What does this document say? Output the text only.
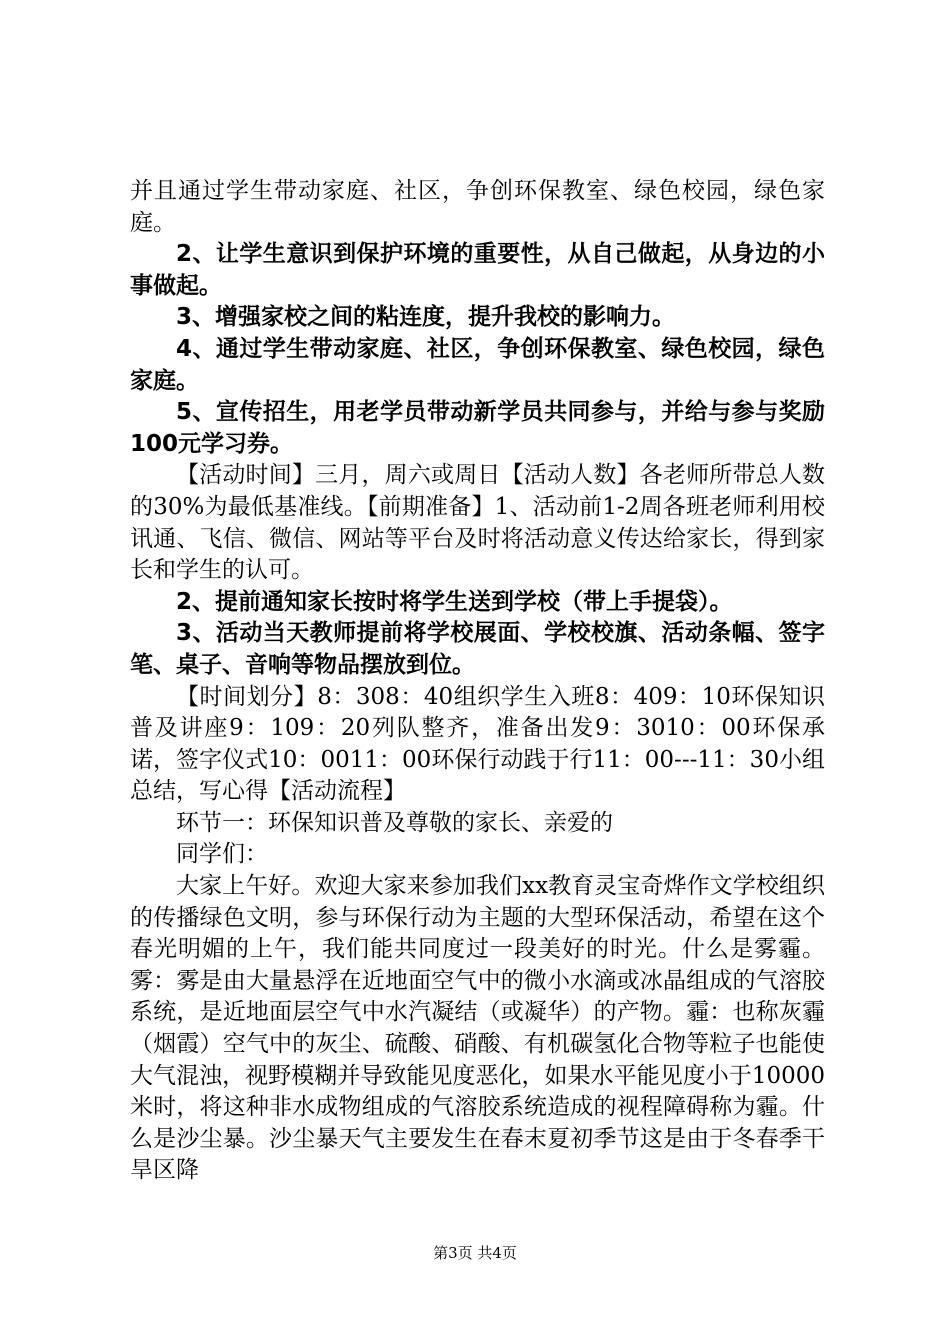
并且通过学生带动家庭、社区，争创环保教室、绿色校园，绿色家庭。

2、让学生意识到保护环境的重要性，从自己做起，从身边的小事做起。

3、增强家校之间的粘连度，提升我校的影响力。

4、通过学生带动家庭、社区，争创环保教室、绿色校园，绿色家庭。

5、宣传招生，用老学员带动新学员共同参与，并给与参与奖励100元学习券。

【活动时间】三月，周六或周日【活动人数】各老师所带总人数的30%为最低基准线。【前期准备】1、活动前1-2周各班老师利用校讯通、飞信、微信、网站等平台及时将活动意义传达给家长，得到家长和学生的认可。

2、提前通知家长按时将学生送到学校（带上手提袋）。

3、活动当天教师提前将学校展面、学校校旗、活动条幅、签字笔、桌子、音响等物品摆放到位。

【时间划分】8：308：40组织学生入班8：409：10环保知识普及讲座9：109：20列队整齐，准备出发9：3010：00环保承诺，签字仪式10：0011：00环保行动践于行11：00---11：30小组总结，写心得【活动流程】

环节一：环保知识普及尊敬的家长、亲爱的

同学们：

大家上午好。欢迎大家来参加我们xx教育灵宝奇烨作文学校组织的传播绿色文明，参与环保行动为主题的大型环保活动，希望在这个春光明媚的上午，我们能共同度过一段美好的时光。什么是雾霾。雾：雾是由大量悬浮在近地面空气中的微小水滴或冰晶组成的气溶胶系统，是近地面层空气中水汽凝结（或凝华）的产物。霾：也称灰霾（烟霞）空气中的灰尘、硫酸、硝酸、有机碳氢化合物等粒子也能使大气混浊，视野模糊并导致能见度恶化，如果水平能见度小于10000米时，将这种非水成物组成的气溶胶系统造成的视程障碍称为霾。什么是沙尘暴。沙尘暴天气主要发生在春末夏初季节这是由于冬春季干旱区降

第3页 共4页
